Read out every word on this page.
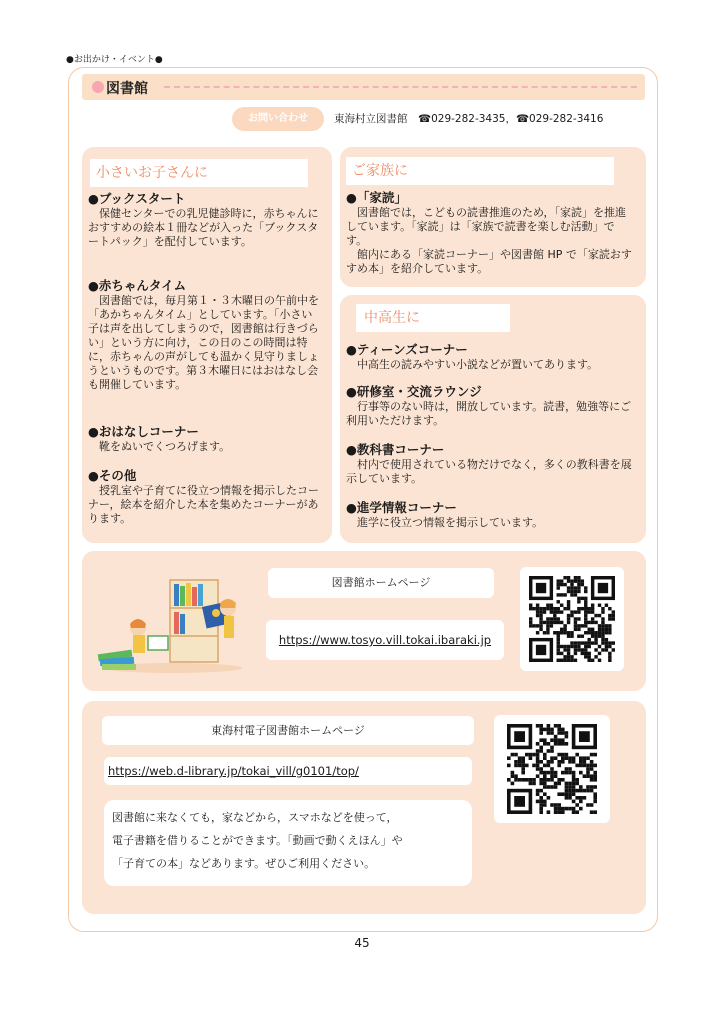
●お出かけ・イベント●
図書館
お問い合わせ	東海村立図書館　☎029-282-3435，☎029-282-3416
小さいお子さんに
●ブックスタート
保健センターでの乳児健診時に，赤ちゃんにおすすめの絵本１冊などが入った「ブックスタートパック」を配付しています。
●赤ちゃんタイム
図書館では，毎月第１・３木曜日の午前中を「あかちゃんタイム」としています。「小さい子は声を出してしまうので，図書館は行きづらい」という方に向け，この日のこの時間は特に，赤ちゃんの声がしても温かく見守りましょうというものです。第３木曜日にはおはなし会も開催しています。
●おはなしコーナー
靴をぬいでくつろげます。
●その他
授乳室や子育てに役立つ情報を掲示したコーナー，絵本を紹介した本を集めたコーナーがあります。
ご家族に
●「家読」
図書館では，こどもの読書推進のため，「家読」を推進しています。「家読」は「家族で読書を楽しむ活動」です。
館内にある「家読コーナー」や図書館 HP で「家読おすすめ本」を紹介しています。
中高生に
●ティーンズコーナー
中高生の読みやすい小説などが置いてあります。
●研修室・交流ラウンジ
行事等のない時は，開放しています。読書，勉強等にご利用いただけます。
●教科書コーナー
村内で使用されている物だけでなく，多くの教科書を展示しています。
●進学情報コーナー
進学に役立つ情報を掲示しています。
図書館ホームページ
https://www.tosyo.vill.tokai.ibaraki.jp
東海村電子図書館ホームページ
https://web.d-library.jp/tokai_vill/g0101/top/
図書館に来なくても，家などから，スマホなどを使って，
電子書籍を借りることができます。「動画で動くえほん」や
「子育ての本」などあります。ぜひご利用ください。
45
